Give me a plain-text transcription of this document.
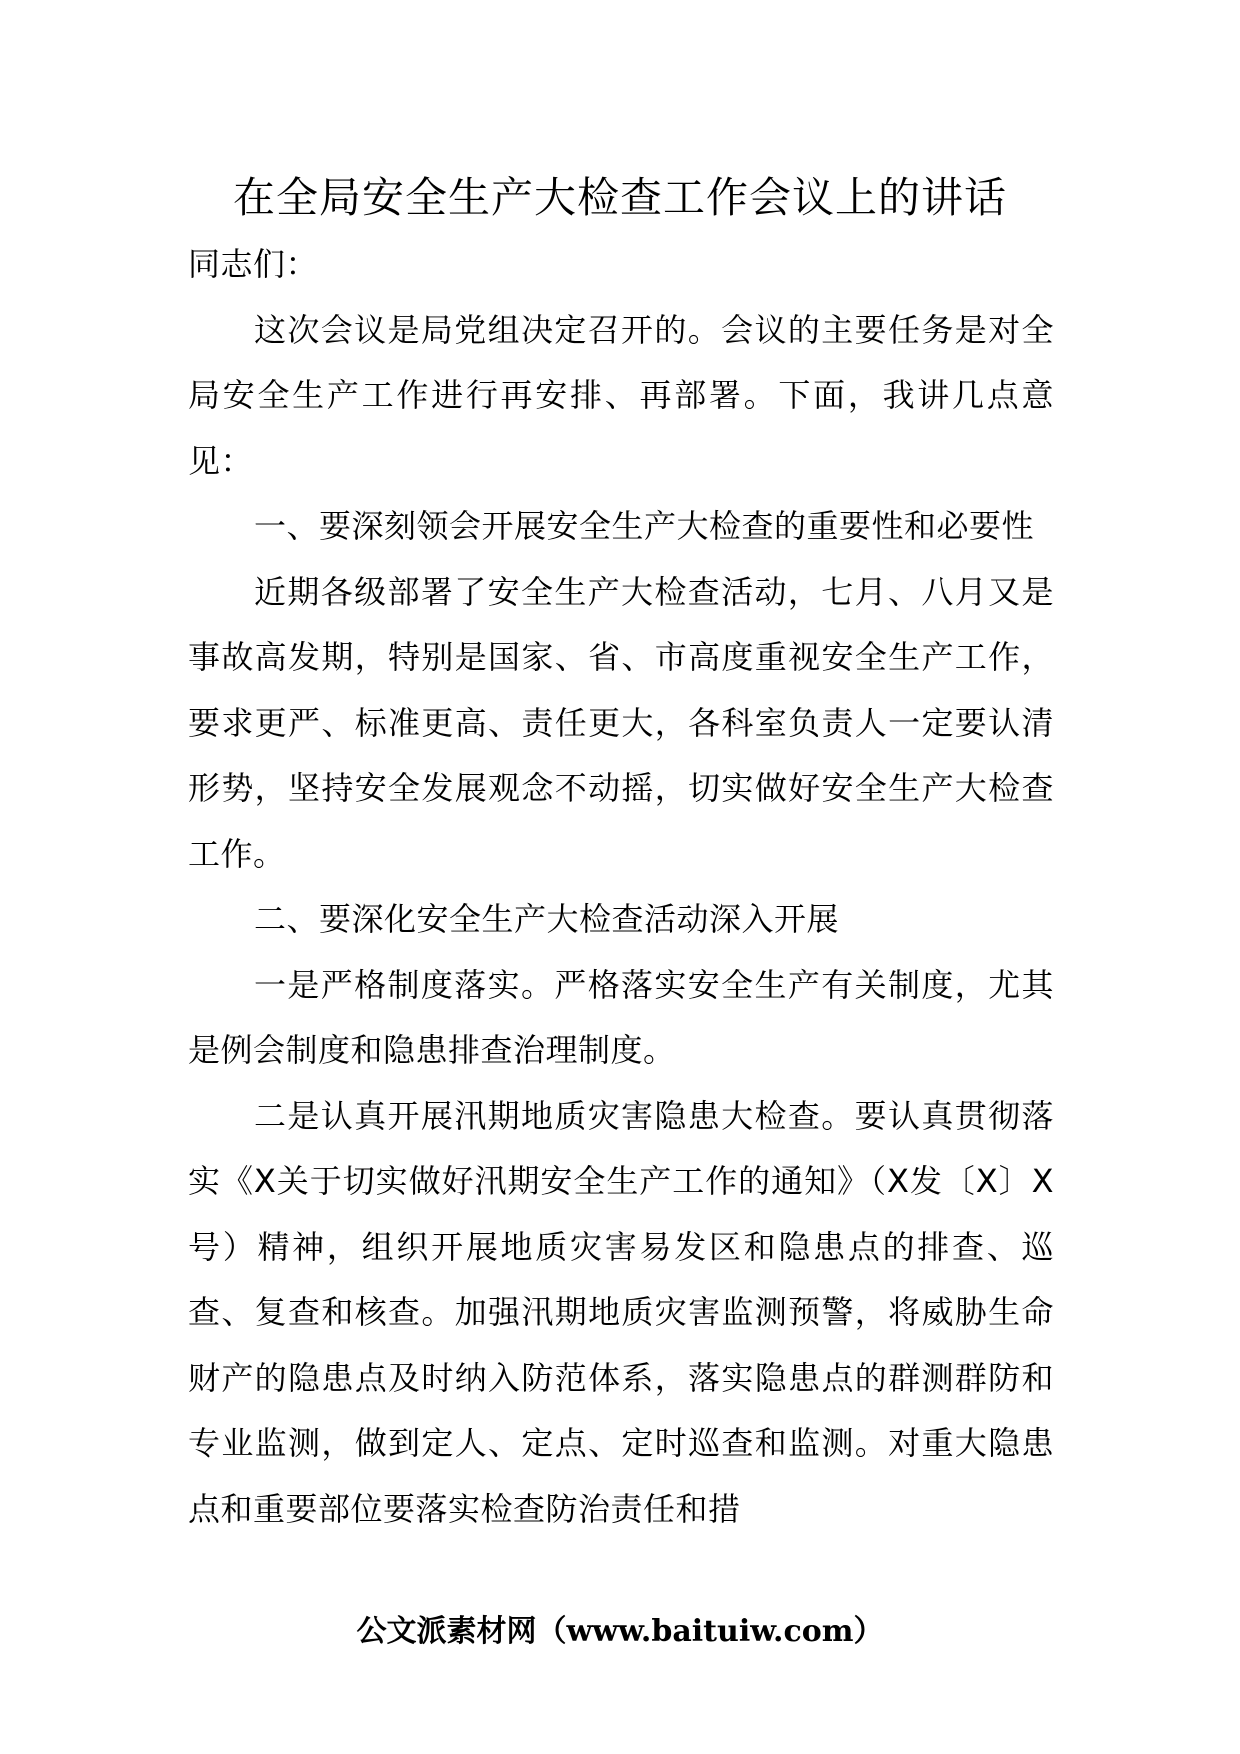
在全局安全生产大检查工作会议上的讲话

同志们：

这次会议是局党组决定召开的。会议的主要任务是对全局安全生产工作进行再安排、再部署。下面，我讲几点意见：

一、要深刻领会开展安全生产大检查的重要性和必要性

近期各级部署了安全生产大检查活动，七月、八月又是事故高发期，特别是国家、省、市高度重视安全生产工作，要求更严、标准更高、责任更大，各科室负责人一定要认清形势，坚持安全发展观念不动摇，切实做好安全生产大检查工作。

二、要深化安全生产大检查活动深入开展

一是严格制度落实。严格落实安全生产有关制度，尤其是例会制度和隐患排查治理制度。

二是认真开展汛期地质灾害隐患大检查。要认真贯彻落实《X关于切实做好汛期安全生产工作的通知》（X发〔X〕X号）精神，组织开展地质灾害易发区和隐患点的排查、巡查、复查和核查。加强汛期地质灾害监测预警，将威胁生命财产的隐患点及时纳入防范体系，落实隐患点的群测群防和专业监测，做到定人、定点、定时巡查和监测。对重大隐患点和重要部位要落实检查防治责任和措

公文派素材网（www.baituiw.com）
